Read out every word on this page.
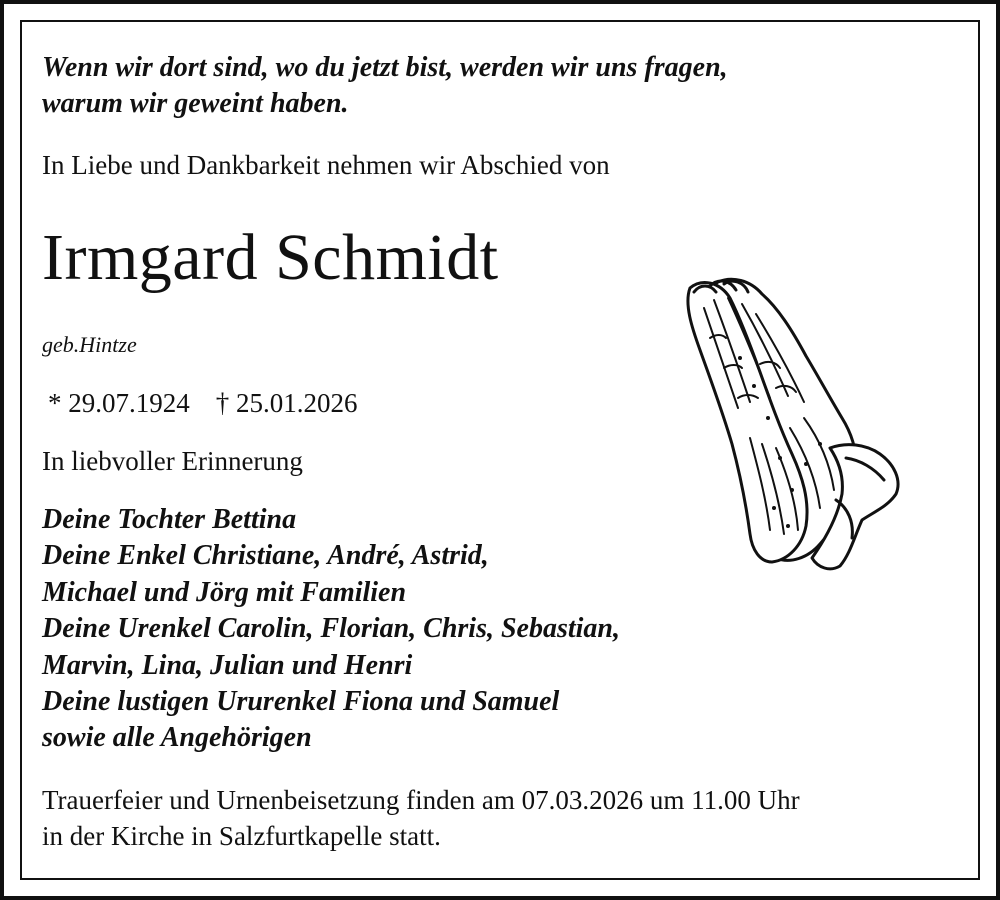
Wenn wir dort sind, wo du jetzt bist, werden wir uns fragen,
warum wir geweint haben.

In Liebe und Dankbarkeit nehmen wir Abschied von

Irmgard Schmidt

geb.Hintze

* 29.07.1924 † 25.01.2026

In liebvoller Erinnerung

Deine Tochter Bettina
Deine Enkel Christiane, André, Astrid,
Michael und Jörg mit Familien
Deine Urenkel Carolin, Florian, Chris, Sebastian,
Marvin, Lina, Julian und Henri
Deine lustigen Ururenkel Fiona und Samuel
sowie alle Angehörigen

Trauerfeier und Urnenbeisetzung finden am 07.03.2026 um 11.00 Uhr
in der Kirche in Salzfurtkapelle statt.
